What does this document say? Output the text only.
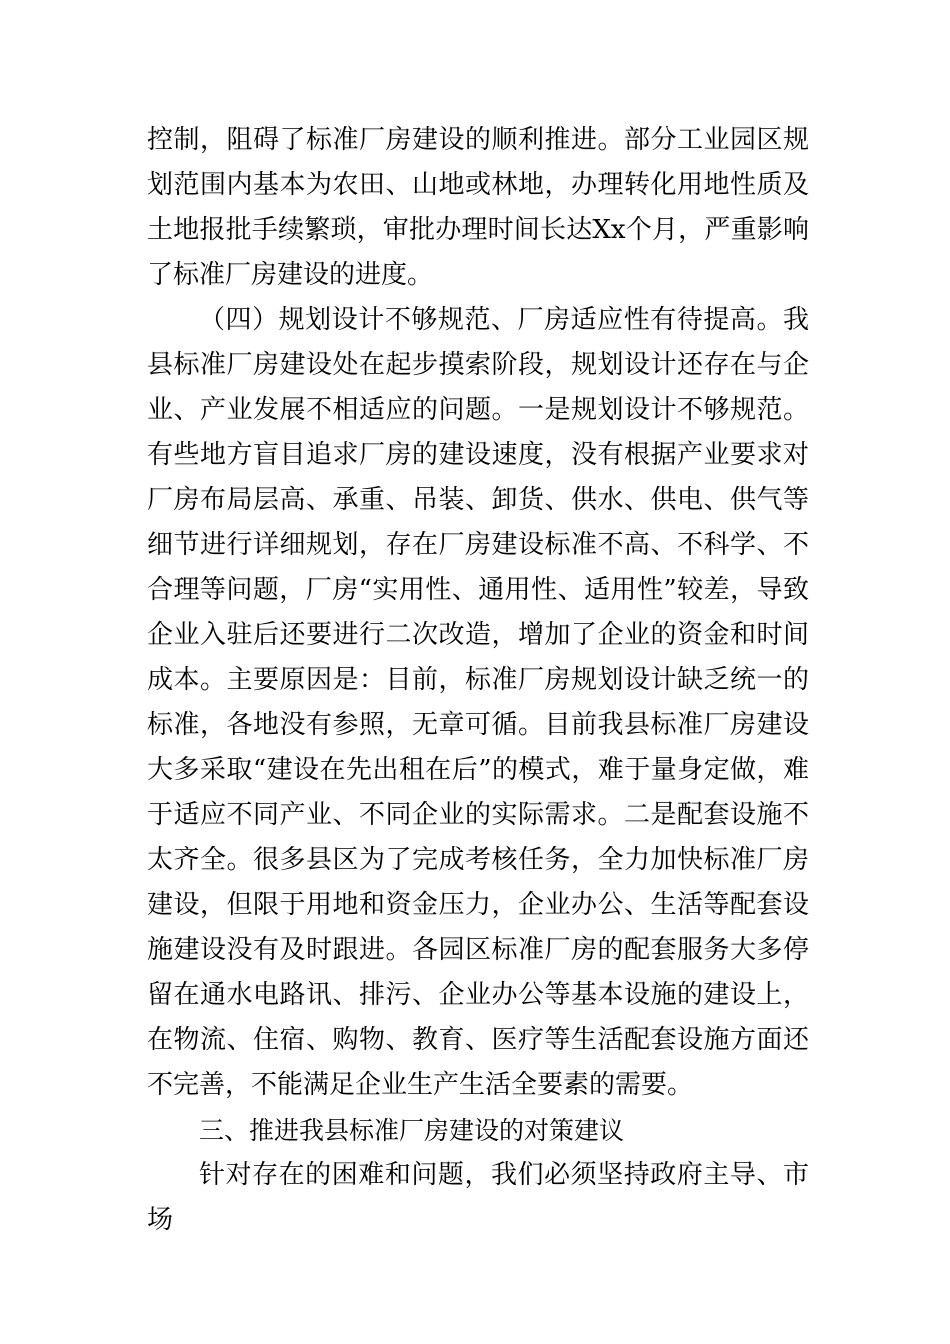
控制，阻碍了标准厂房建设的顺利推进。部分工业园区规划范围内基本为农田、山地或林地，办理转化用地性质及土地报批手续繁琐，审批办理时间长达Xx个月，严重影响了标准厂房建设的进度。

（四）规划设计不够规范、厂房适应性有待提高。我县标准厂房建设处在起步摸索阶段，规划设计还存在与企业、产业发展不相适应的问题。一是规划设计不够规范。有些地方盲目追求厂房的建设速度，没有根据产业要求对厂房布局层高、承重、吊装、卸货、供水、供电、供气等细节进行详细规划，存在厂房建设标准不高、不科学、不合理等问题，厂房“实用性、通用性、适用性”较差，导致企业入驻后还要进行二次改造，增加了企业的资金和时间成本。主要原因是：目前，标准厂房规划设计缺乏统一的标准，各地没有参照，无章可循。目前我县标准厂房建设大多采取“建设在先出租在后”的模式，难于量身定做，难于适应不同产业、不同企业的实际需求。二是配套设施不太齐全。很多县区为了完成考核任务，全力加快标准厂房建设，但限于用地和资金压力，企业办公、生活等配套设施建设没有及时跟进。各园区标准厂房的配套服务大多停留在通水电路讯、排污、企业办公等基本设施的建设上，在物流、住宿、购物、教育、医疗等生活配套设施方面还不完善，不能满足企业生产生活全要素的需要。

三、推进我县标准厂房建设的对策建议

针对存在的困难和问题，我们必须坚持政府主导、市场
